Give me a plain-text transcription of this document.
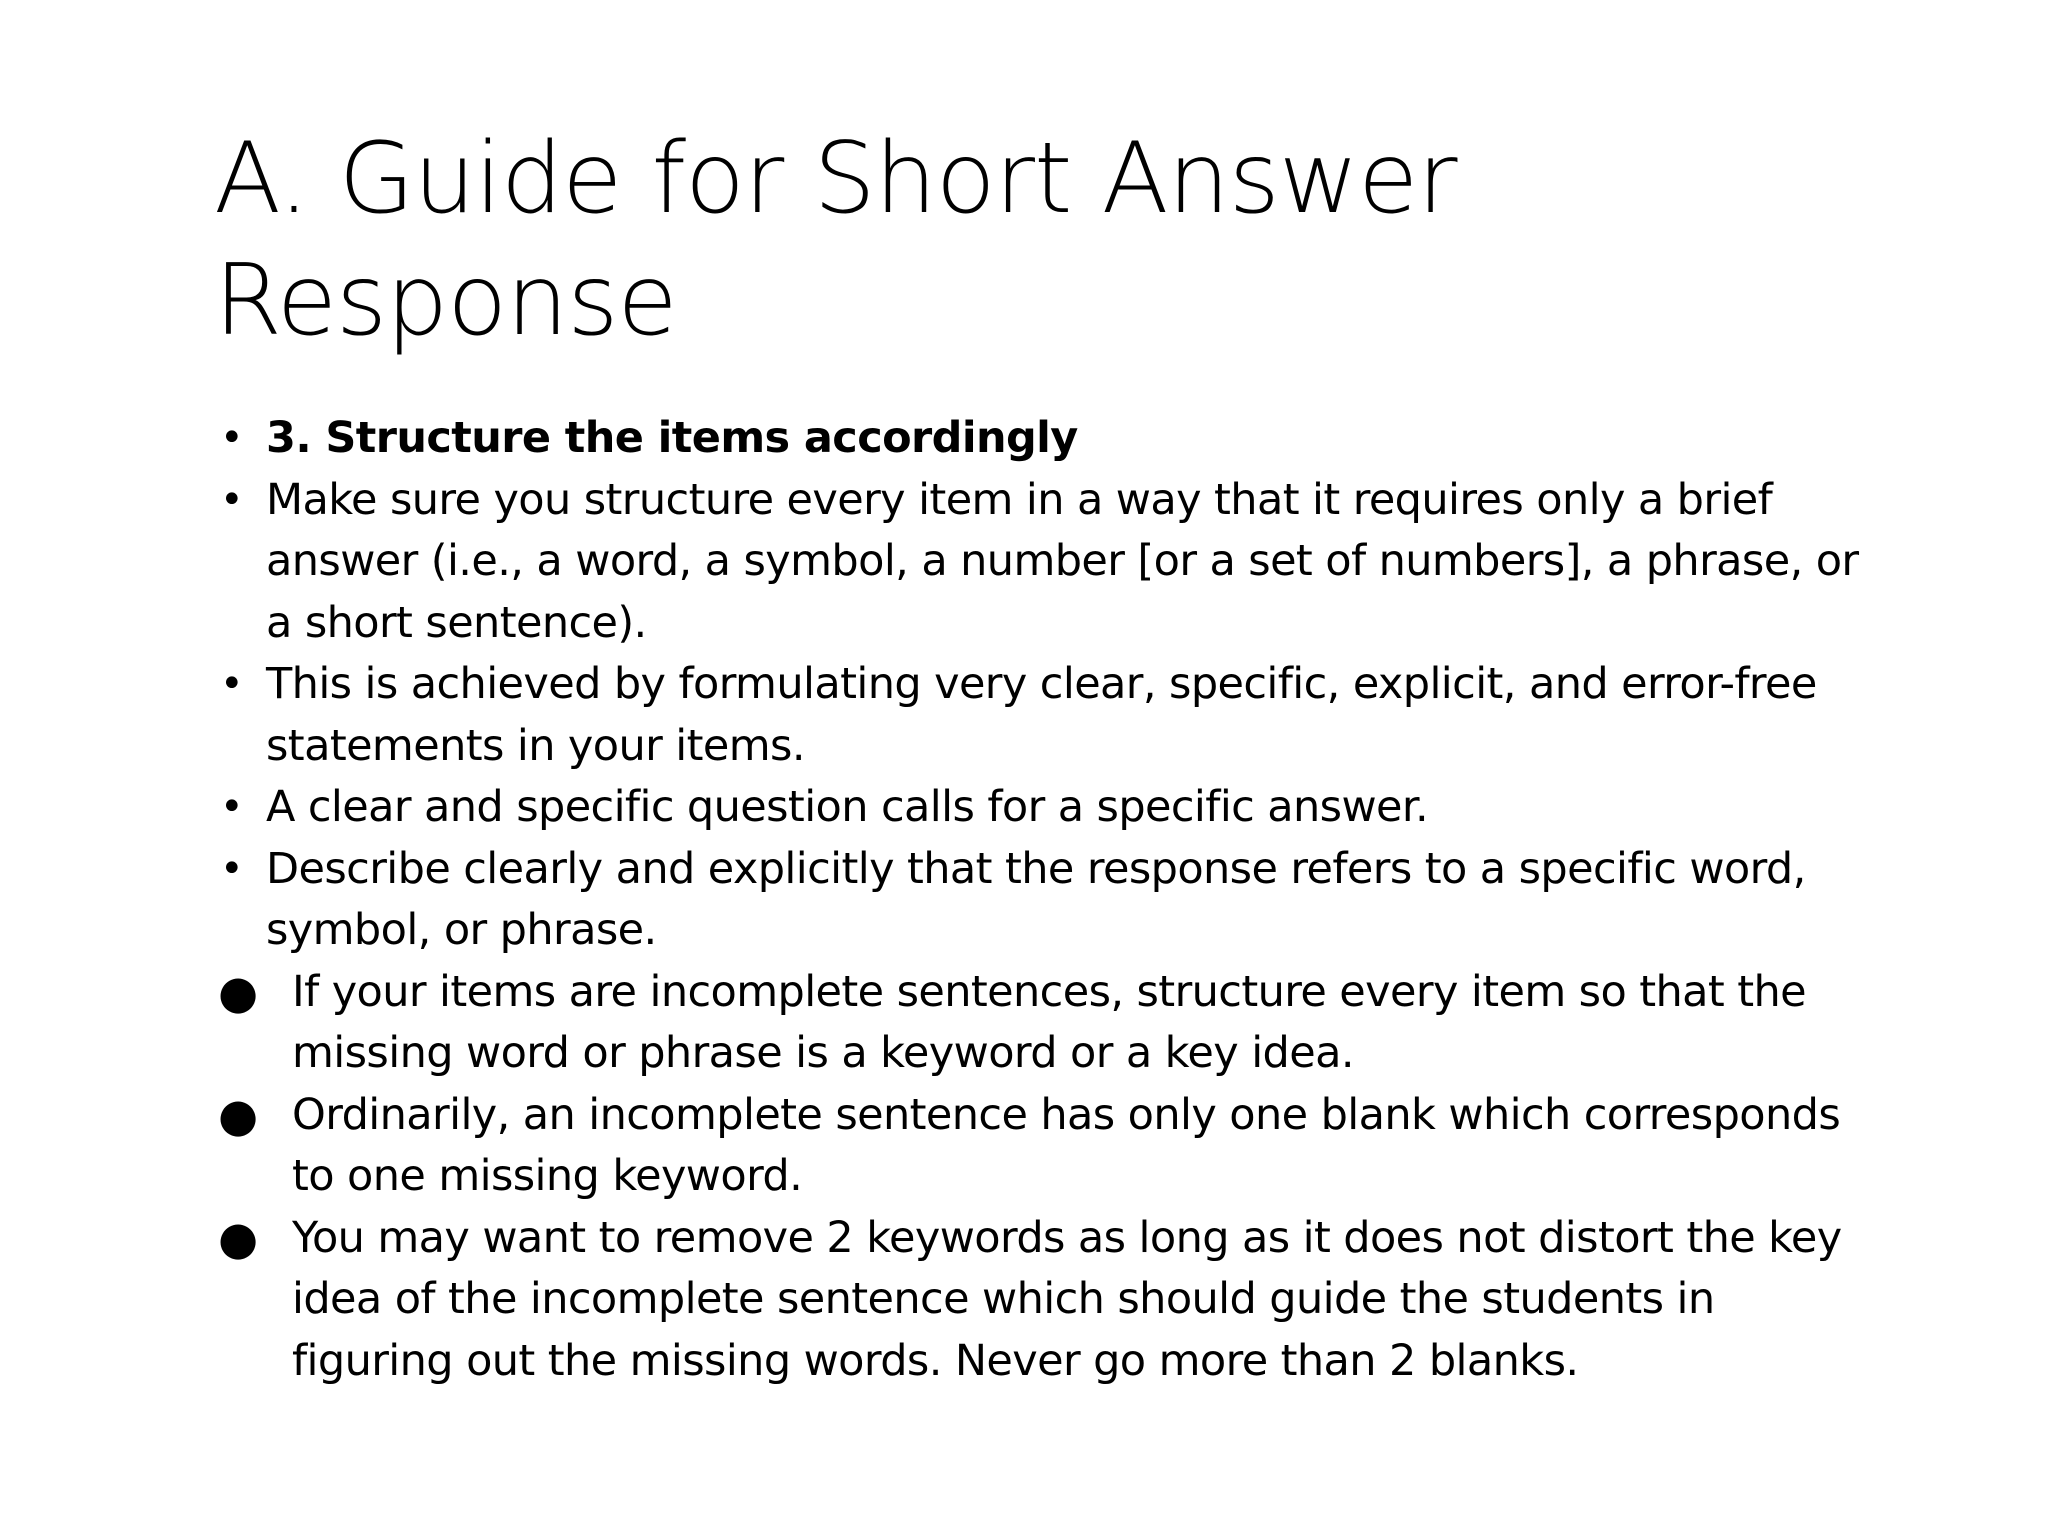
A. Guide for Short Answer Response
• 3. Structure the items accordingly
• Make sure you structure every item in a way that it requires only a brief answer (i.e., a word, a symbol, a number [or a set of numbers], a phrase, or a short sentence).
• This is achieved by formulating very clear, specific, explicit, and error-free statements in your items.
• A clear and specific question calls for a specific answer.
• Describe clearly and explicitly that the response refers to a specific word, symbol, or phrase.
● If your items are incomplete sentences, structure every item so that the missing word or phrase is a keyword or a key idea.
● Ordinarily, an incomplete sentence has only one blank which corresponds to one missing keyword.
● You may want to remove 2 keywords as long as it does not distort the key idea of the incomplete sentence which should guide the students in figuring out the missing words. Never go more than 2 blanks.
